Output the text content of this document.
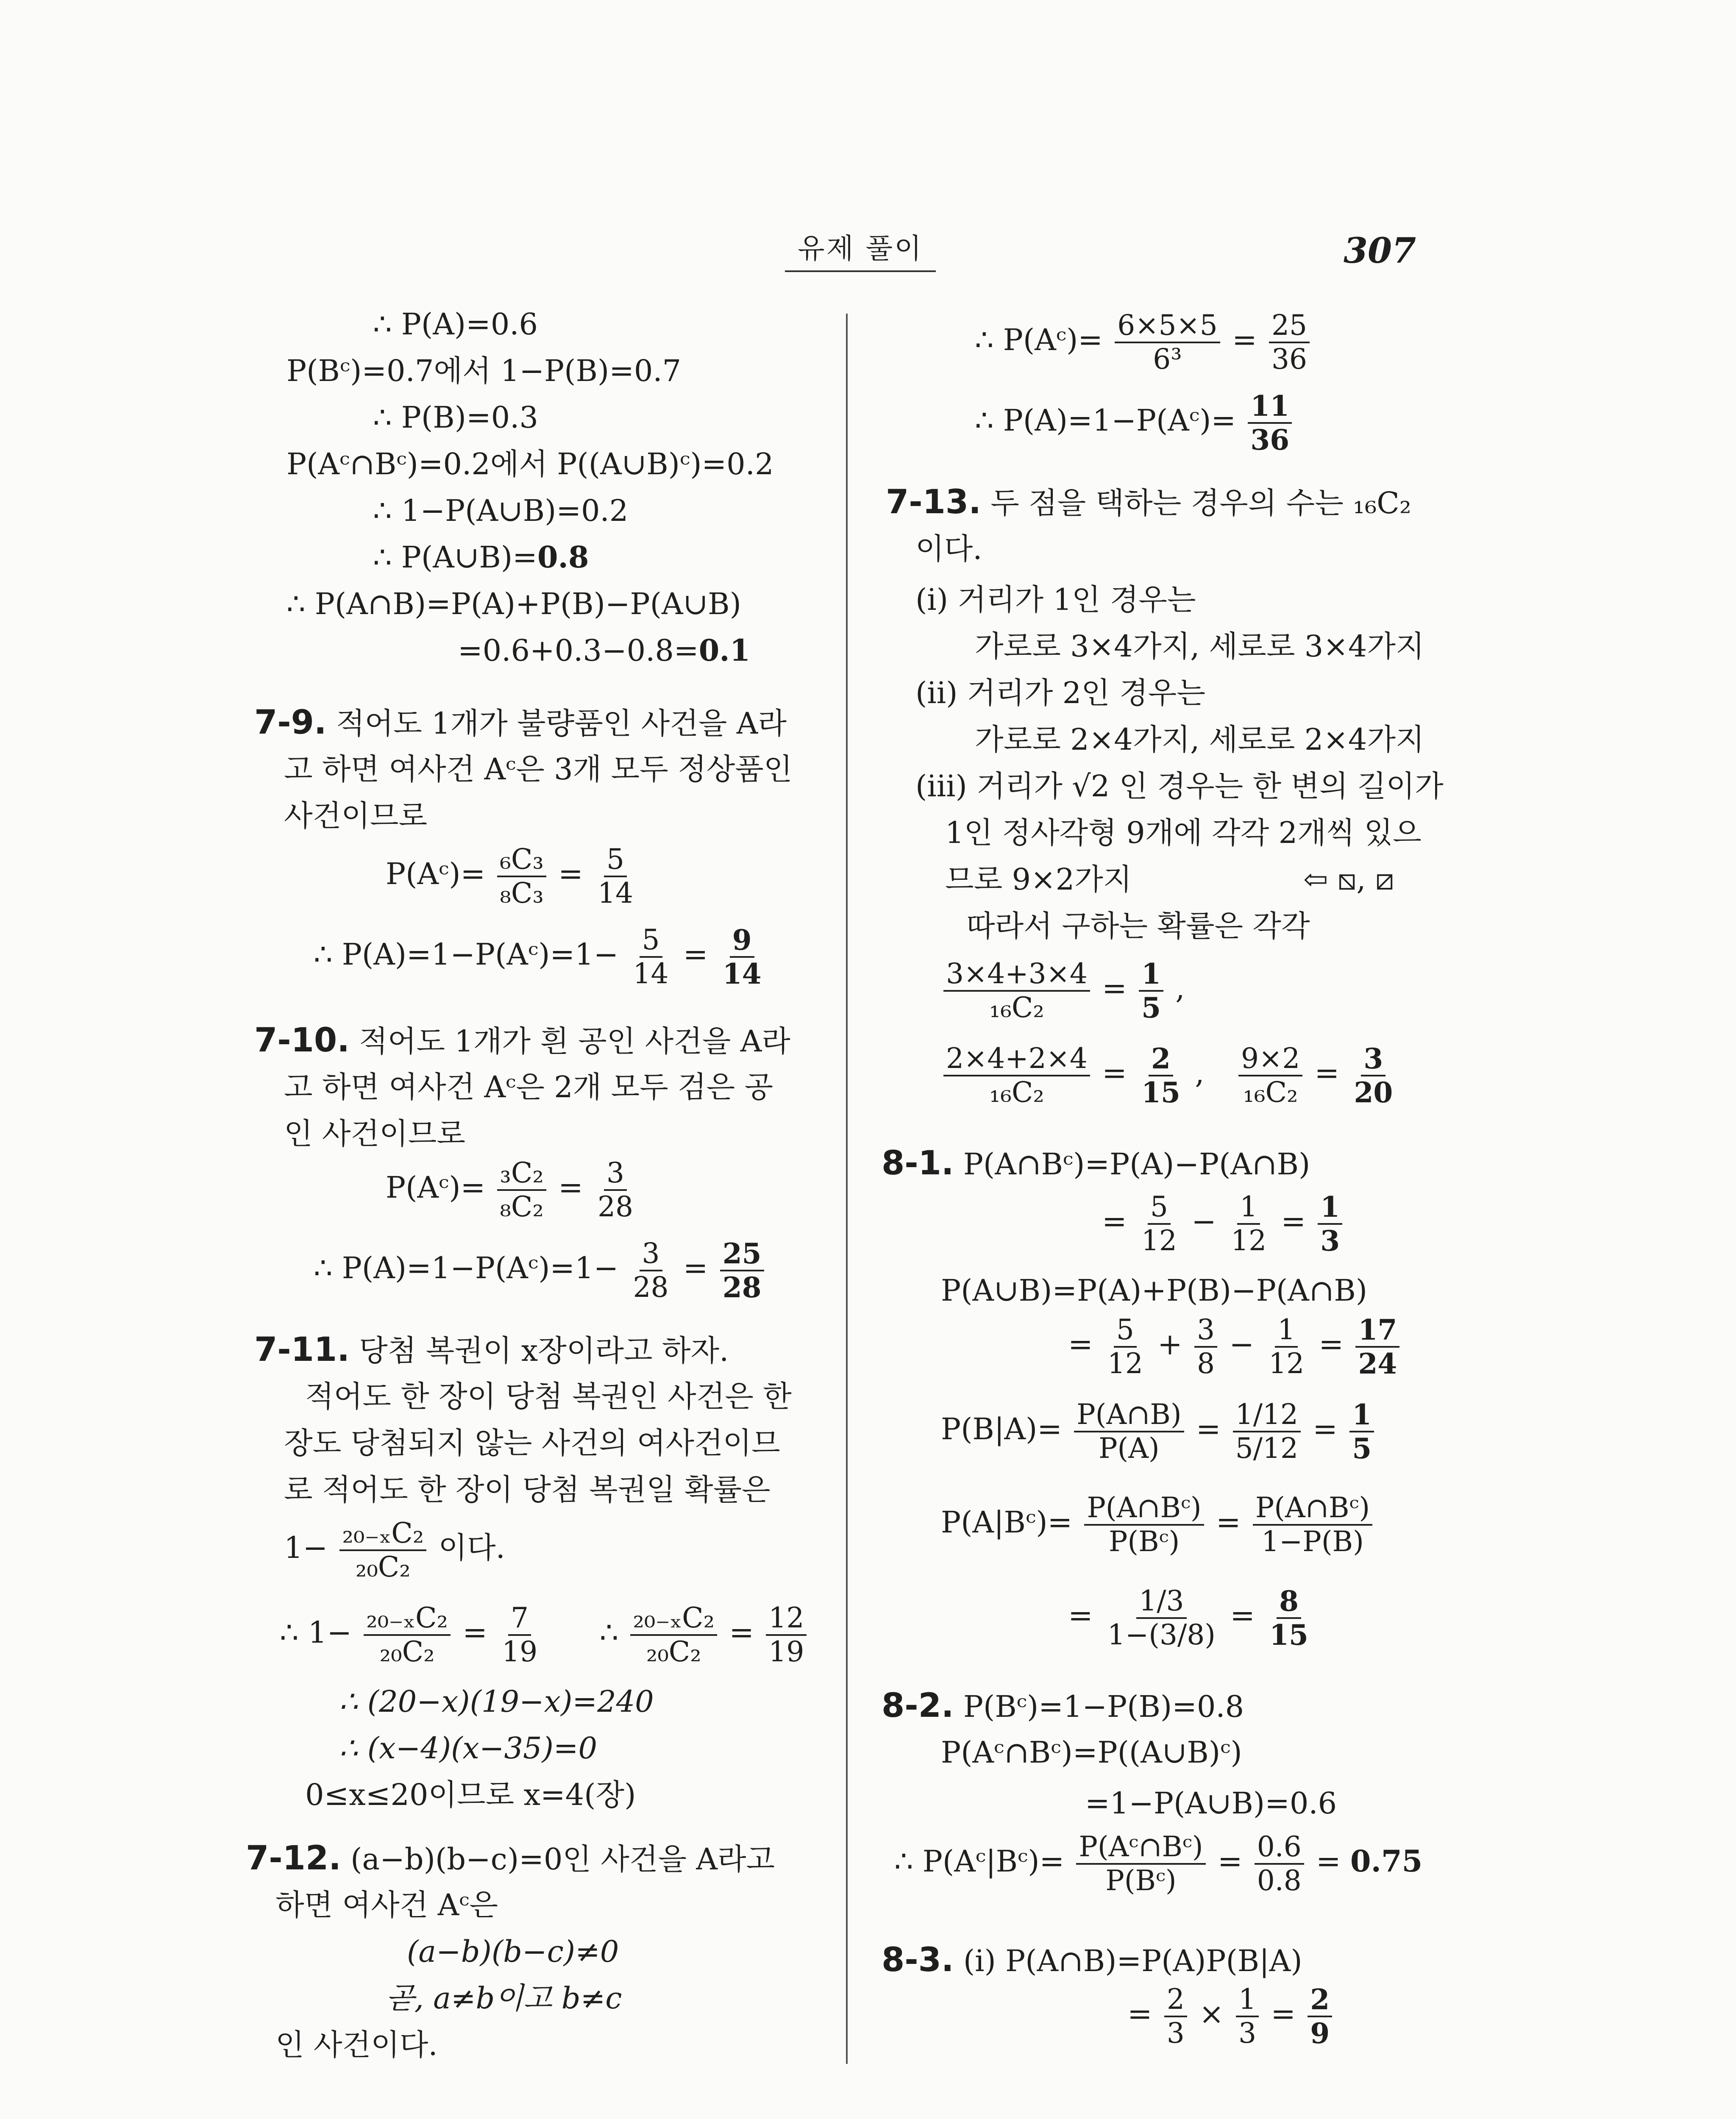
유제 풀이	307
∴ P(A)=0.6
P(Bᶜ)=0.7에서 1−P(B)=0.7
∴ P(B)=0.3
P(Aᶜ∩Bᶜ)=0.2에서 P((A∪B)ᶜ)=0.2
∴ 1−P(A∪B)=0.2
∴ P(A∪B)=0.8
∴ P(A∩B)=P(A)+P(B)−P(A∪B)
=0.6+0.3−0.8=0.1
7-9. 적어도 1개가 불량품인 사건을 A라
고 하면 여사건 Aᶜ은 3개 모두 정상품인
사건이므로
P(Aᶜ)= $\frac{\text{₆C₃}}{\text{₈C₃}} = \frac{5}{14}$
∴ P(A)=1−P(Aᶜ)=1− $\frac{5}{14} = \frac{9}{14}$
7-10. 적어도 1개가 흰 공인 사건을 A라
고 하면 여사건 Aᶜ은 2개 모두 검은 공
인 사건이므로
P(Aᶜ)= $\frac{\text{₃C₂}}{\text{₈C₂}} = \frac{3}{28}$
∴ P(A)=1−P(Aᶜ)=1− $\frac{3}{28} = \frac{25}{28}$
7-11. 당첨 복권이 x장이라고 하자.
적어도 한 장이 당첨 복권인 사건은 한
장도 당첨되지 않는 사건의 여사건이므
로 적어도 한 장이 당첨 복권일 확률은
$1- \frac{\text{₂₀₋ₓC₂}}{\text{₂₀C₂}}$ 이다.
∴ $1- \frac{\text{₂₀₋ₓC₂}}{\text{₂₀C₂}} = \frac{7}{19}$ ∴ $\frac{\text{₂₀₋ₓC₂}}{\text{₂₀C₂}} = \frac{12}{19}$
∴ (20−x)(19−x)=240
∴ (x−4)(x−35)=0
0≤x≤20이므로 x=4(장)
7-12. (a−b)(b−c)=0인 사건을 A라고
하면 여사건 Aᶜ은
(a−b)(b−c)≠0
곧, a≠b이고 b≠c
인 사건이다.
∴ P(Aᶜ)= $\frac{6\times 5\times 5}{\text{6³}} = \frac{25}{36}$
∴ P(A)=1−P(Aᶜ)= $\frac{11}{36}$
7-13. 두 점을 택하는 경우의 수는 ₁₆C₂
이다.
(i) 거리가 1인 경우는
가로로 3×4가지, 세로로 3×4가지
(ii) 거리가 2인 경우는
가로로 2×4가지, 세로로 2×4가지
(iii) 거리가 √2 인 경우는 한 변의 길이가
1인 정사각형 9개에 각각 2개씩 있으
므로 9×2가지	⇦ ⧅, ⧄
따라서 구하는 확률은 각각
$\frac{3\times 4+3\times 4}{\text{₁₆C₂}} = \frac{1}{5}$ ,
$\frac{2\times 4+2\times 4}{\text{₁₆C₂}} = \frac{2}{15}$ , $\frac{9\times 2}{\text{₁₆C₂}} = \frac{3}{20}$
8-1. P(A∩Bᶜ)=P(A)−P(A∩B)
= $\frac{5}{12} - \frac{1}{12} = \frac{1}{3}$
P(A∪B)=P(A)+P(B)−P(A∩B)
= $\frac{5}{12} + \frac{3}{8} - \frac{1}{12} = \frac{17}{24}$
$P(B|A)= \frac{P(A\cap B)}{P(A)} = \frac{1/12}{5/12} = \frac{1}{5}$
P(A|Bᶜ)= $\frac{\text{P(A∩Bᶜ)}}{\text{P(Bᶜ)}} = \frac{\text{P(A∩Bᶜ)}}{1-P(B)}$
= $\frac{1/3}{1-(3/8)} = \frac{8}{15}$
8-2. P(Bᶜ)=1−P(B)=0.8
P(Aᶜ∩Bᶜ)=P((A∪B)ᶜ)
=1−P(A∪B)=0.6
∴ P(Aᶜ|Bᶜ)= $\frac{\text{P(Aᶜ∩Bᶜ)}}{\text{P(Bᶜ)}} = \frac{0.6}{0.8} = 0.75$
8-3. (i) P(A∩B)=P(A)P(B|A)
= $\frac{2}{3} \times \frac{1}{3} = \frac{2}{9}$
